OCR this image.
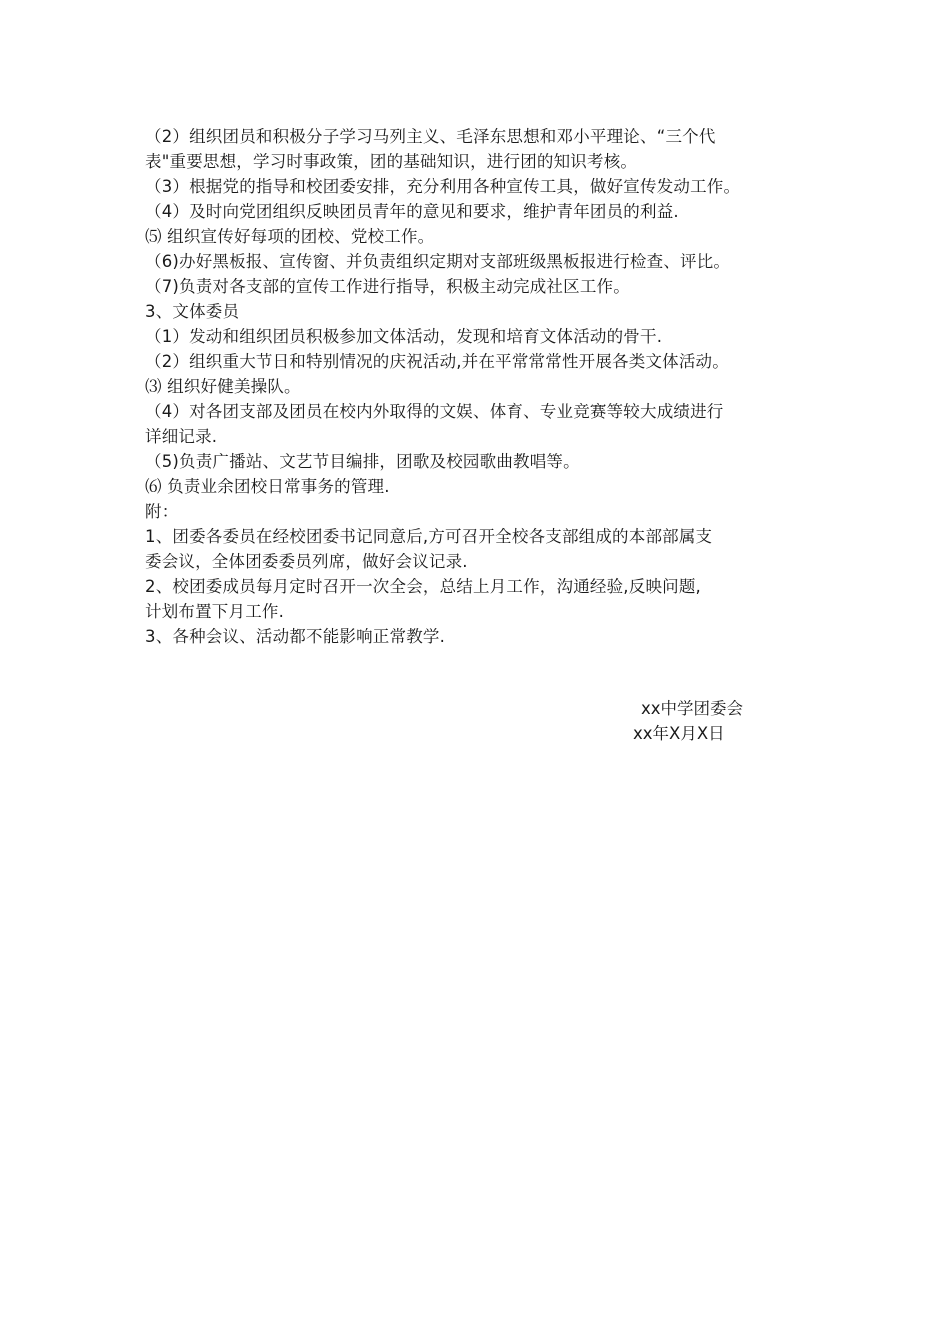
（2）组织团员和积极分子学习马列主义、毛泽东思想和邓小平理论、“三个代
表"重要思想，学习时事政策，团的基础知识，进行团的知识考核。
（3）根据党的指导和校团委安排，充分利用各种宣传工具，做好宣传发动工作。
（4）及时向党团组织反映团员青年的意见和要求，维护青年团员的利益.
⑸ 组织宣传好每项的团校、党校工作。
（6)办好黑板报、宣传窗、并负责组织定期对支部班级黑板报进行检查、评比。
（7)负责对各支部的宣传工作进行指导，积极主动完成社区工作。
3、文体委员
（1）发动和组织团员积极参加文体活动，发现和培育文体活动的骨干.
（2）组织重大节日和特别情况的庆祝活动,并在平常常常性开展各类文体活动。
⑶ 组织好健美操队。
（4）对各团支部及团员在校内外取得的文娱、体育、专业竞赛等较大成绩进行
详细记录.
（5)负责广播站、文艺节目编排，团歌及校园歌曲教唱等。
⑹ 负责业余团校日常事务的管理.
附：
1、团委各委员在经校团委书记同意后,方可召开全校各支部组成的本部部属支
委会议，全体团委委员列席，做好会议记录.
2、校团委成员每月定时召开一次全会，总结上月工作，沟通经验,反映问题,
计划布置下月工作.
3、各种会议、活动都不能影响正常教学.
xx中学团委会
xx年X月X日
